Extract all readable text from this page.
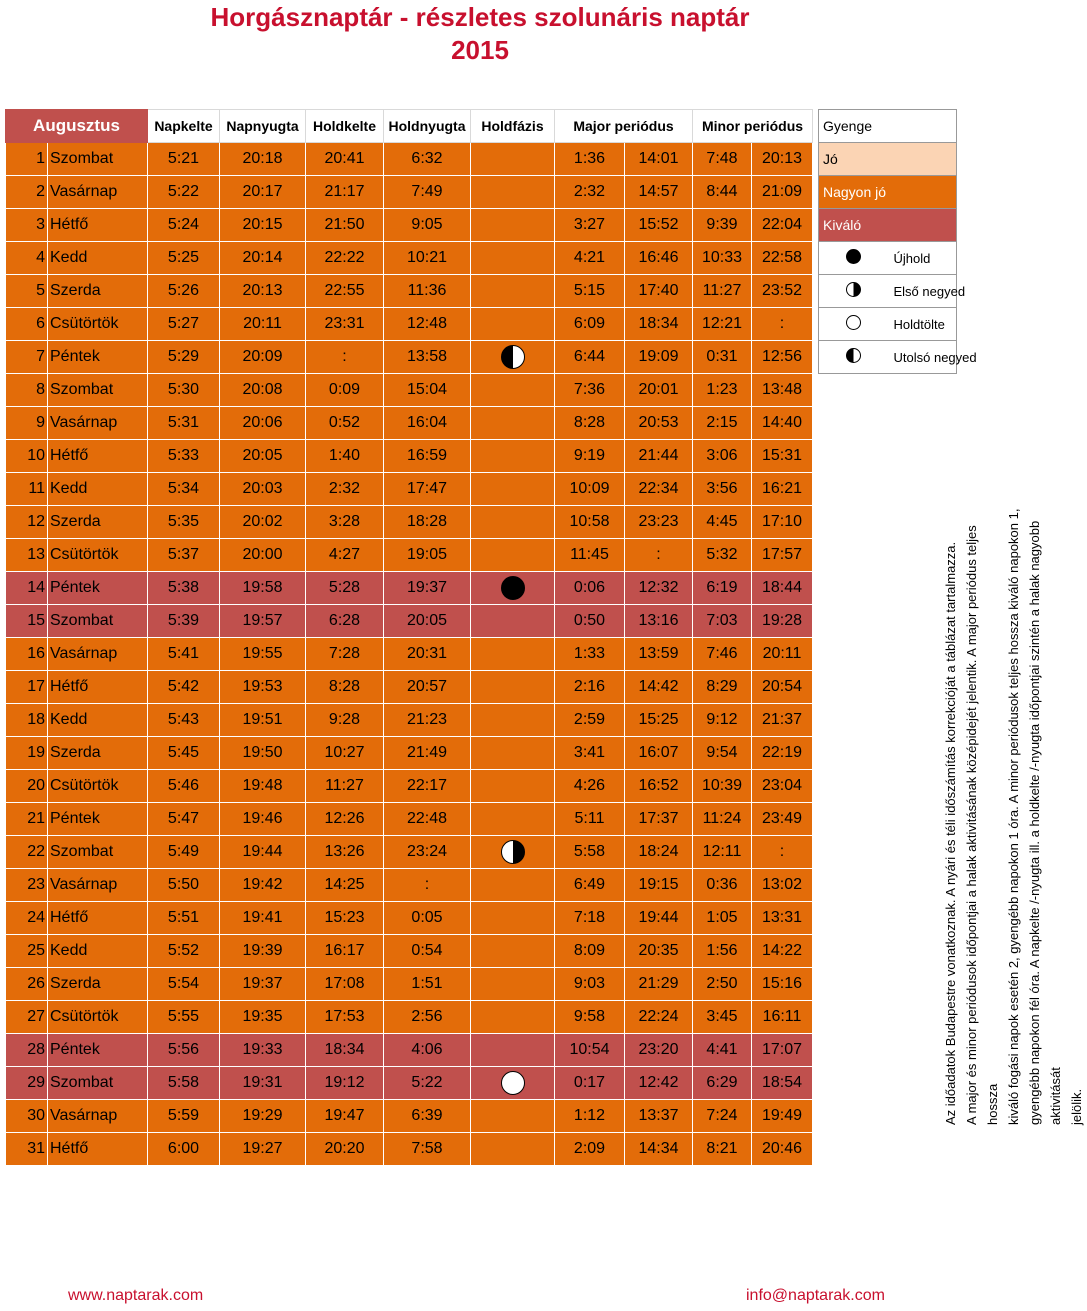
Horgásznaptár - részletes szolunáris naptár
2015
Augusztus		Napkelte	Napnyugta	Holdkelte	Holdnyugta	Holdfázis	Major periódus		Minor periódus	
1	Szombat	5:21	20:18	20:41	6:32		1:36	14:01	7:48	20:13
2	Vasárnap	5:22	20:17	21:17	7:49		2:32	14:57	8:44	21:09
3	Hétfő	5:24	20:15	21:50	9:05		3:27	15:52	9:39	22:04
4	Kedd	5:25	20:14	22:22	10:21		4:21	16:46	10:33	22:58
5	Szerda	5:26	20:13	22:55	11:36		5:15	17:40	11:27	23:52
6	Csütörtök	5:27	20:11	23:31	12:48		6:09	18:34	12:21	:
7	Péntek	5:29	20:09	:	13:58		6:44	19:09	0:31	12:56
8	Szombat	5:30	20:08	0:09	15:04		7:36	20:01	1:23	13:48
9	Vasárnap	5:31	20:06	0:52	16:04		8:28	20:53	2:15	14:40
10	Hétfő	5:33	20:05	1:40	16:59		9:19	21:44	3:06	15:31
11	Kedd	5:34	20:03	2:32	17:47		10:09	22:34	3:56	16:21
12	Szerda	5:35	20:02	3:28	18:28		10:58	23:23	4:45	17:10
13	Csütörtök	5:37	20:00	4:27	19:05		11:45	:	5:32	17:57
14	Péntek	5:38	19:58	5:28	19:37		0:06	12:32	6:19	18:44
15	Szombat	5:39	19:57	6:28	20:05		0:50	13:16	7:03	19:28
16	Vasárnap	5:41	19:55	7:28	20:31		1:33	13:59	7:46	20:11
17	Hétfő	5:42	19:53	8:28	20:57		2:16	14:42	8:29	20:54
18	Kedd	5:43	19:51	9:28	21:23		2:59	15:25	9:12	21:37
19	Szerda	5:45	19:50	10:27	21:49		3:41	16:07	9:54	22:19
20	Csütörtök	5:46	19:48	11:27	22:17		4:26	16:52	10:39	23:04
21	Péntek	5:47	19:46	12:26	22:48		5:11	17:37	11:24	23:49
22	Szombat	5:49	19:44	13:26	23:24		5:58	18:24	12:11	:
23	Vasárnap	5:50	19:42	14:25	:		6:49	19:15	0:36	13:02
24	Hétfő	5:51	19:41	15:23	0:05		7:18	19:44	1:05	13:31
25	Kedd	5:52	19:39	16:17	0:54		8:09	20:35	1:56	14:22
26	Szerda	5:54	19:37	17:08	1:51		9:03	21:29	2:50	15:16
27	Csütörtök	5:55	19:35	17:53	2:56		9:58	22:24	3:45	16:11
28	Péntek	5:56	19:33	18:34	4:06		10:54	23:20	4:41	17:07
29	Szombat	5:58	19:31	19:12	5:22		0:17	12:42	6:29	18:54
30	Vasárnap	5:59	19:29	19:47	6:39		1:12	13:37	7:24	19:49
31	Hétfő	6:00	19:27	20:20	7:58		2:09	14:34	8:21	20:46
Gyenge	
Jó	
Nagyon jó	
Kiváló	
	Újhold
	Első negyed
	Holdtölte
	Utolsó negyed

Az időadatok Budapestre vonatkoznak. A nyári és téli időszámítás korrekcióját a táblázat tartalmazza. A major és minor periódusok időpontjai a halak aktivitásának középidejét jelentik. A major periódus teljes hossza kiváló fogási napok esetén 2, gyengébb napokon 1 óra. A minor periódusok teljes hossza kiváló napokon 1, gyengébb napokon fél óra. A napkelte /-nyugta ill. a holdkelte /-nyugta időpontjai szintén a halak nagyobb aktivitását jelölik.

www.naptarak.com	info@naptarak.com
